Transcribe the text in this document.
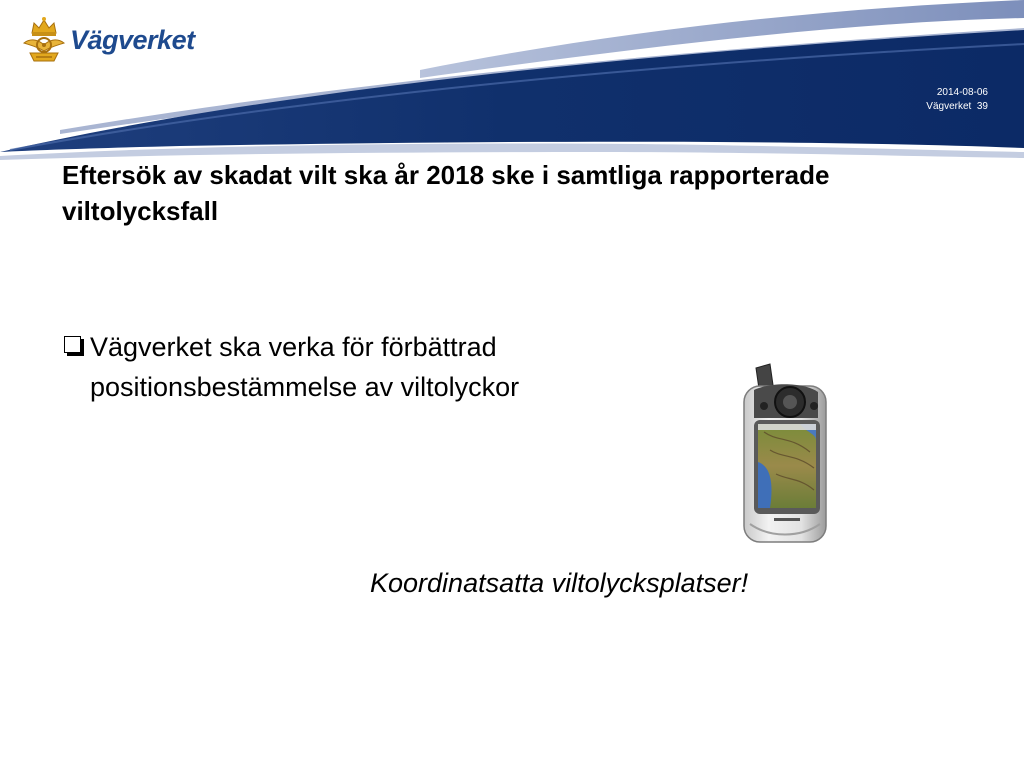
Vägverket
2014-08-06
Vägverket  39
Eftersök av skadat vilt ska år 2018 ske i samtliga rapporterade viltolycksfall
Vägverket ska verka för förbättrad positionsbestämmelse av viltolyckor
Koordinatsatta viltolycksplatser!
